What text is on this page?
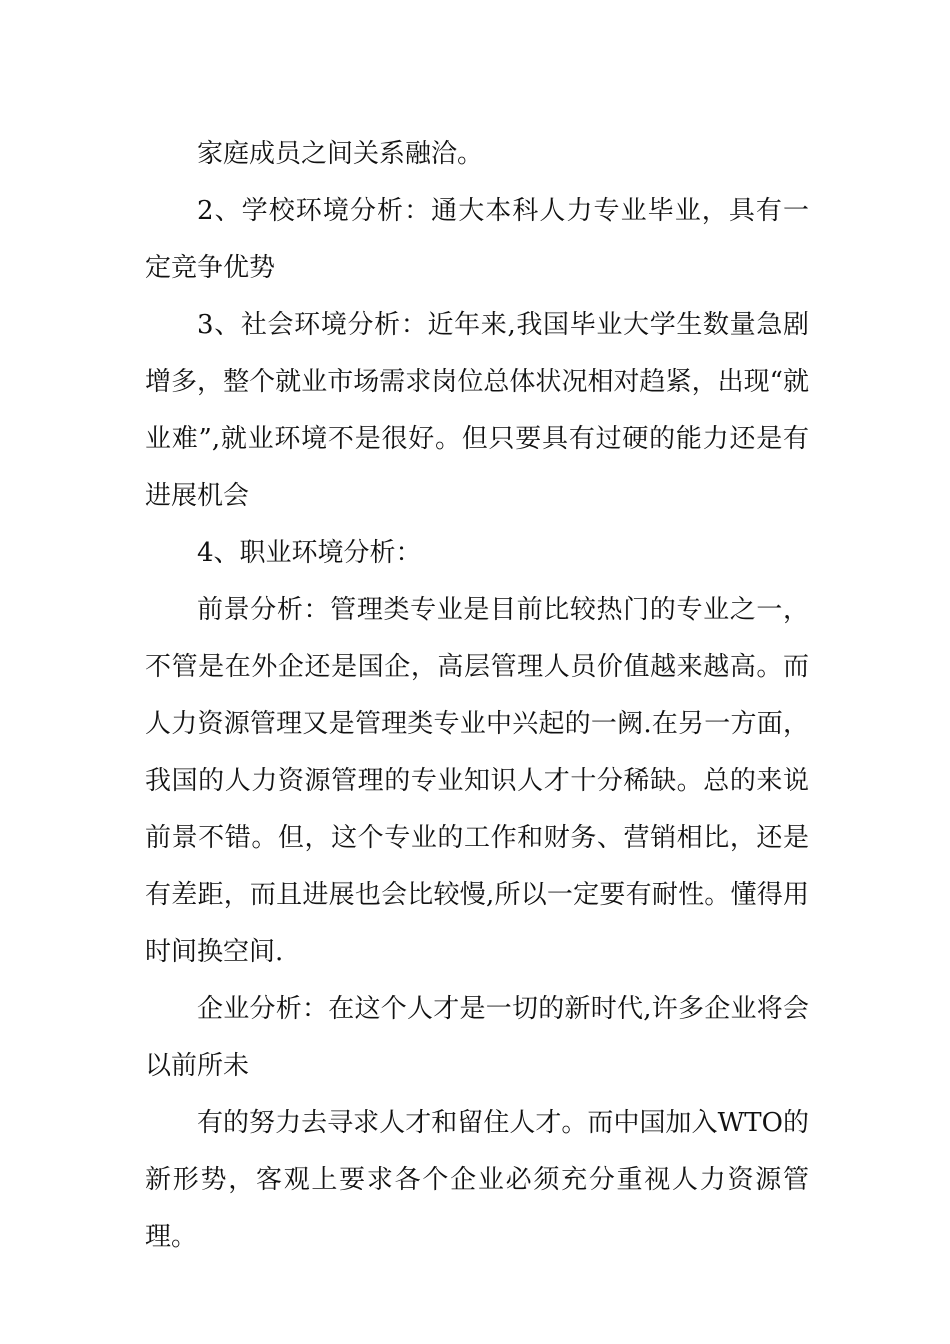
家庭成员之间关系融洽。

2、学校环境分析：通大本科人力专业毕业，具有一定竞争优势

3、社会环境分析：近年来,我国毕业大学生数量急剧增多，整个就业市场需求岗位总体状况相对趋紧，出现“就业难”,就业环境不是很好。但只要具有过硬的能力还是有进展机会

4、职业环境分析：

前景分析：管理类专业是目前比较热门的专业之一，不管是在外企还是国企，高层管理人员价值越来越高。而人力资源管理又是管理类专业中兴起的一阙.在另一方面，我国的人力资源管理的专业知识人才十分稀缺。总的来说前景不错。但，这个专业的工作和财务、营销相比，还是有差距，而且进展也会比较慢,所以一定要有耐性。懂得用时间换空间.

企业分析：在这个人才是一切的新时代,许多企业将会以前所未

有的努力去寻求人才和留住人才。而中国加入WTO的新形势，客观上要求各个企业必须充分重视人力资源管理。
